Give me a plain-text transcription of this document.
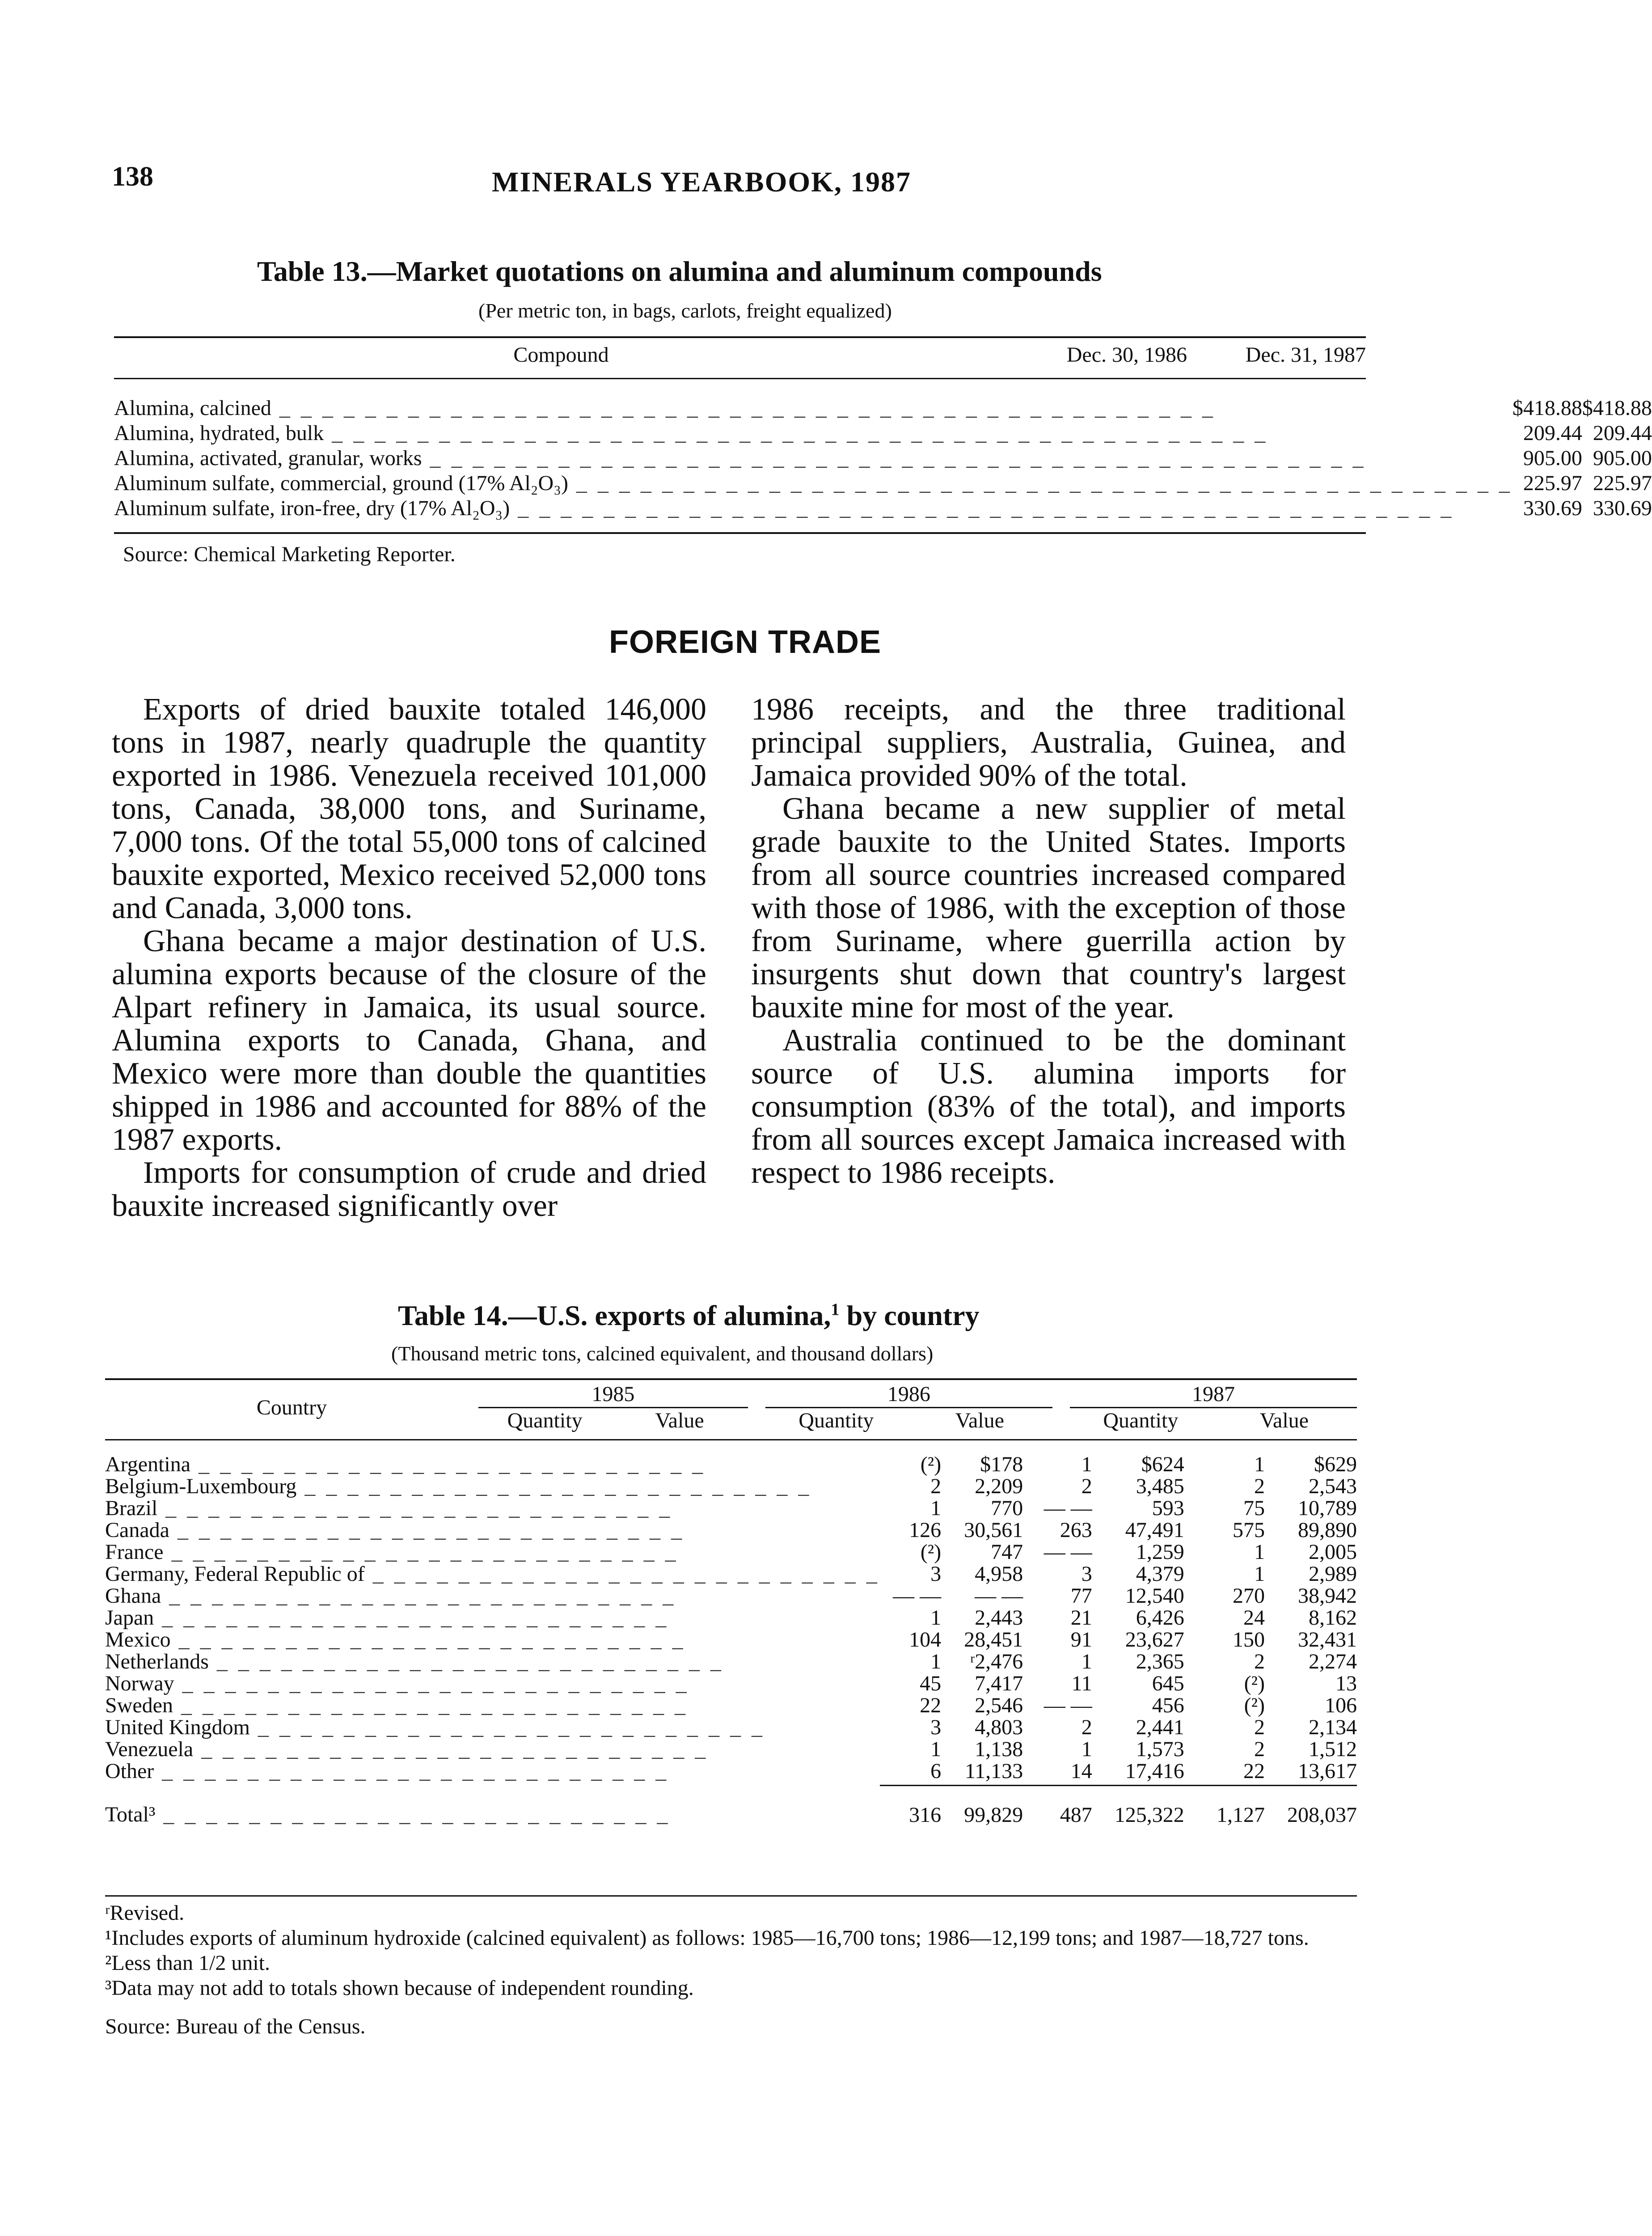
138	MINERALS YEARBOOK, 1987
Table 13.—Market quotations on alumina and aluminum compounds
(Per metric ton, in bags, carlots, freight equalized)
Compound	Dec. 30, 1986	Dec. 31, 1987
Alumina, calcined _ _ _ _ _ _ _ _ _ _ _ _ _ _ _ _ _ _ _ _ _ _ _ _ _ _ _ _ _ _ _ _ _ _ _ _ _ _ _ _ _ _ _ _	$418.88	$418.88
Alumina, hydrated, bulk _ _ _ _ _ _ _ _ _ _ _ _ _ _ _ _ _ _ _ _ _ _ _ _ _ _ _ _ _ _ _ _ _ _ _ _ _ _ _ _ _ _ _ _	209.44	209.44
Alumina, activated, granular, works _ _ _ _ _ _ _ _ _ _ _ _ _ _ _ _ _ _ _ _ _ _ _ _ _ _ _ _ _ _ _ _ _ _ _ _ _ _ _ _ _ _ _ _	905.00	905.00
Aluminum sulfate, commercial, ground (17% Al₂O₃) _ _ _ _ _ _ _ _ _ _ _ _ _ _ _ _ _ _ _ _ _ _ _ _ _ _ _ _ _ _ _ _ _ _ _ _ _ _ _ _ _ _ _ _	225.97	225.97
Aluminum sulfate, iron-free, dry (17% Al₂O₃) _ _ _ _ _ _ _ _ _ _ _ _ _ _ _ _ _ _ _ _ _ _ _ _ _ _ _ _ _ _ _ _ _ _ _ _ _ _ _ _ _ _ _ _	330.69	330.69
Source: Chemical Marketing Reporter.
FOREIGN TRADE

Exports of dried bauxite totaled 146,000 tons in 1987, nearly quadruple the quantity exported in 1986. Venezuela received 101,000 tons, Canada, 38,000 tons, and Suriname, 7,000 tons. Of the total 55,000 tons of calcined bauxite exported, Mexico received 52,000 tons and Canada, 3,000 tons.

Ghana became a major destination of U.S. alumina exports because of the closure of the Alpart refinery in Jamaica, its usual source. Alumina exports to Canada, Ghana, and Mexico were more than double the quantities shipped in 1986 and accounted for 88% of the 1987 exports.

Imports for consumption of crude and dried bauxite increased significantly over

1986 receipts, and the three traditional principal suppliers, Australia, Guinea, and Jamaica provided 90% of the total.

Ghana became a new supplier of metal grade bauxite to the United States. Imports from all source countries increased compared with those of 1986, with the exception of those from Suriname, where guerrilla action by insurgents shut down that country's largest bauxite mine for most of the year.

Australia continued to be the dominant source of U.S. alumina imports for consumption (83% of the total), and imports from all sources except Jamaica increased with respect to 1986 receipts.

Table 14.—U.S. exports of alumina,$^1$ by country
(Thousand metric tons, calcined equivalent, and thousand dollars)
Country	1985			1986			1987	
	Quantity	Value		Quantity	Value		Quantity	Value
Argentina _ _ _ _ _ _ _ _ _ _ _ _ _ _ _ _ _ _ _ _ _ _ _ _	(²)	$178		1	$624		1	$629
Belgium-Luxembourg _ _ _ _ _ _ _ _ _ _ _ _ _ _ _ _ _ _ _ _ _ _ _ _	2	2,209		2	3,485		2	2,543
Brazil _ _ _ _ _ _ _ _ _ _ _ _ _ _ _ _ _ _ _ _ _ _ _ _	1	770		— —	593		75	10,789
Canada _ _ _ _ _ _ _ _ _ _ _ _ _ _ _ _ _ _ _ _ _ _ _ _	126	30,561		263	47,491		575	89,890
France _ _ _ _ _ _ _ _ _ _ _ _ _ _ _ _ _ _ _ _ _ _ _ _	(²)	747		— —	1,259		1	2,005
Germany, Federal Republic of _ _ _ _ _ _ _ _ _ _ _ _ _ _ _ _ _ _ _ _ _ _ _ _	3	4,958		3	4,379		1	2,989
Ghana _ _ _ _ _ _ _ _ _ _ _ _ _ _ _ _ _ _ _ _ _ _ _ _	— —	— —		77	12,540		270	38,942
Japan _ _ _ _ _ _ _ _ _ _ _ _ _ _ _ _ _ _ _ _ _ _ _ _	1	2,443		21	6,426		24	8,162
Mexico _ _ _ _ _ _ _ _ _ _ _ _ _ _ _ _ _ _ _ _ _ _ _ _	104	28,451		91	23,627		150	32,431
Netherlands _ _ _ _ _ _ _ _ _ _ _ _ _ _ _ _ _ _ _ _ _ _ _ _	1	ʳ2,476		1	2,365		2	2,274
Norway _ _ _ _ _ _ _ _ _ _ _ _ _ _ _ _ _ _ _ _ _ _ _ _	45	7,417		11	645		(²)	13
Sweden _ _ _ _ _ _ _ _ _ _ _ _ _ _ _ _ _ _ _ _ _ _ _ _	22	2,546		— —	456		(²)	106
United Kingdom _ _ _ _ _ _ _ _ _ _ _ _ _ _ _ _ _ _ _ _ _ _ _ _	3	4,803		2	2,441		2	2,134
Venezuela _ _ _ _ _ _ _ _ _ _ _ _ _ _ _ _ _ _ _ _ _ _ _ _	1	1,138		1	1,573		2	1,512
Other _ _ _ _ _ _ _ _ _ _ _ _ _ _ _ _ _ _ _ _ _ _ _ _	6	11,133		14	17,416		22	13,617

Total³ _ _ _ _ _ _ _ _ _ _ _ _ _ _ _ _ _ _ _ _ _ _ _ _	316	99,829		487	125,322		1,127	208,037

ʳRevised.

¹Includes exports of aluminum hydroxide (calcined equivalent) as follows: 1985—16,700 tons; 1986—12,199 tons; and 1987—18,727 tons.

²Less than 1/2 unit.

³Data may not add to totals shown because of independent rounding.

Source: Bureau of the Census.
